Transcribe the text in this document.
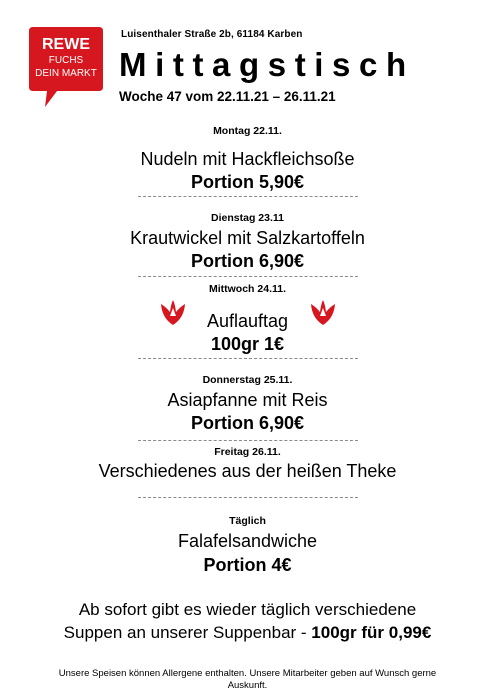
REWE
FUCHS
DEIN MARKT
Luisenthaler Straße 2b, 61184 Karben
Mittagstisch
Woche 47 vom 22.11.21 – 26.11.21
Montag 22.11.
Nudeln mit Hackfleichsoße
Portion 5,90€
Dienstag 23.11
Krautwickel mit Salzkartoffeln
Portion 6,90€
Mittwoch 24.11.
Auflauftag
100gr 1€
Donnerstag 25.11.
Asiapfanne mit Reis
Portion 6,90€
Freitag 26.11.
Verschiedenes aus der heißen Theke
Täglich
Falafelsandwiche
Portion 4€
Ab sofort gibt es wieder täglich verschiedene
Suppen an unserer Suppenbar - 100gr für 0,99€
Unsere Speisen können Allergene enthalten. Unsere Mitarbeiter geben auf Wunsch gerne
Auskunft.
